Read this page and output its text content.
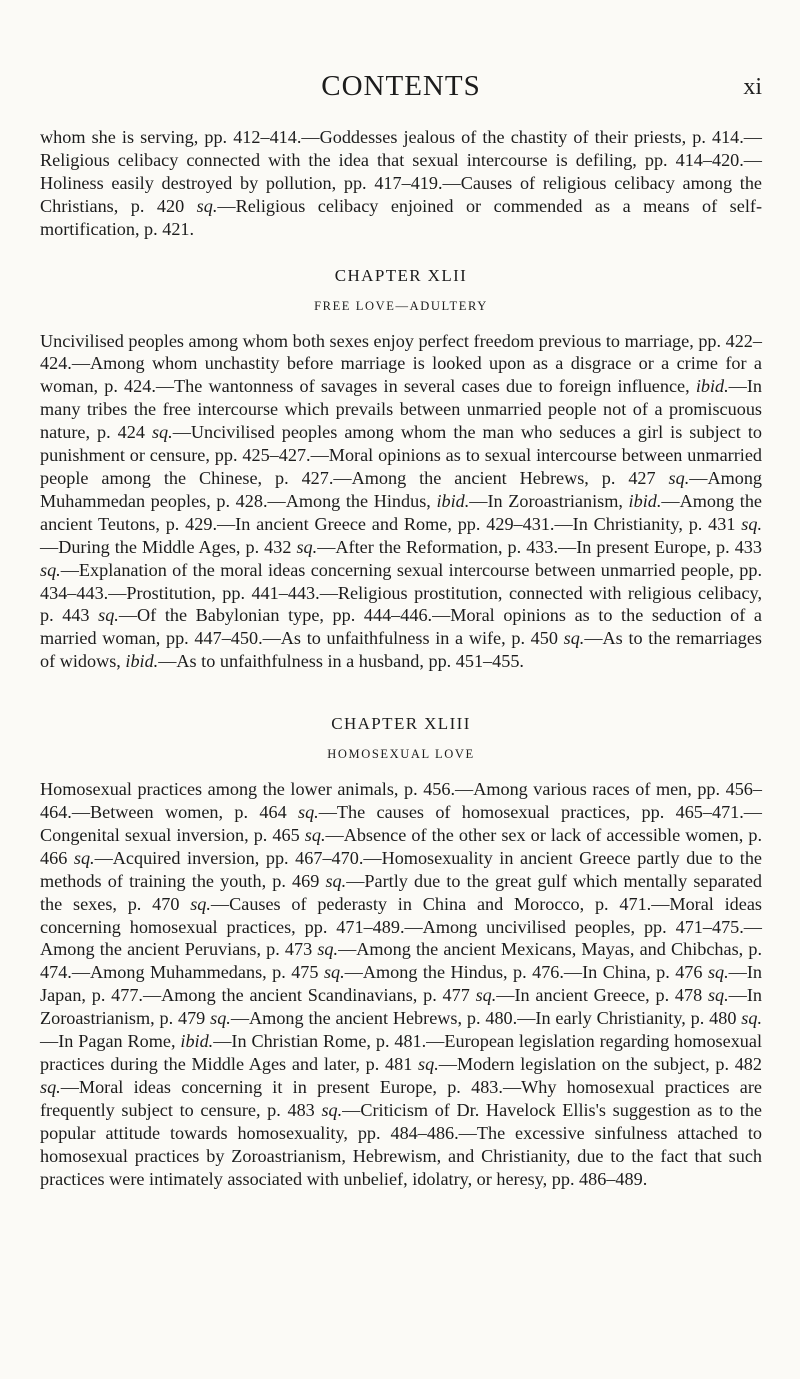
CONTENTS	xi

whom she is serving, pp. 412–414.—Goddesses jealous of the chastity of their priests, p. 414.—Religious celibacy connected with the idea that sexual intercourse is defiling, pp. 414–420.—Holiness easily destroyed by pollution, pp. 417–419.—Causes of religious celibacy among the Christians, p. 420 sq.—Religious celibacy enjoined or commended as a means of self-mortification, p. 421.

CHAPTER XLII
FREE LOVE—ADULTERY

Uncivilised peoples among whom both sexes enjoy perfect freedom previous to marriage, pp. 422–424.—Among whom unchastity before marriage is looked upon as a disgrace or a crime for a woman, p. 424.—The wantonness of savages in several cases due to foreign influence, ibid.—In many tribes the free intercourse which prevails between unmarried people not of a promiscuous nature, p. 424 sq.—Uncivilised peoples among whom the man who seduces a girl is subject to punishment or censure, pp. 425–427.—Moral opinions as to sexual intercourse between unmarried people among the Chinese, p. 427.—Among the ancient Hebrews, p. 427 sq.—Among Muhammedan peoples, p. 428.—Among the Hindus, ibid.—In Zoroastrianism, ibid.—Among the ancient Teutons, p. 429.—In ancient Greece and Rome, pp. 429–431.—In Christianity, p. 431 sq.—During the Middle Ages, p. 432 sq.—After the Reformation, p. 433.—In present Europe, p. 433 sq.—Explanation of the moral ideas concerning sexual intercourse between unmarried people, pp. 434–443.—Prostitution, pp. 441–443.—Religious prostitution, connected with religious celibacy, p. 443 sq.—Of the Babylonian type, pp. 444–446.—Moral opinions as to the seduction of a married woman, pp. 447–450.—As to unfaithfulness in a wife, p. 450 sq.—As to the remarriages of widows, ibid.—As to unfaithfulness in a husband, pp. 451–455.

CHAPTER XLIII
HOMOSEXUAL LOVE

Homosexual practices among the lower animals, p. 456.—Among various races of men, pp. 456–464.—Between women, p. 464 sq.—The causes of homosexual practices, pp. 465–471.—Congenital sexual inversion, p. 465 sq.—Absence of the other sex or lack of accessible women, p. 466 sq.—Acquired inversion, pp. 467–470.—Homosexuality in ancient Greece partly due to the methods of training the youth, p. 469 sq.—Partly due to the great gulf which mentally separated the sexes, p. 470 sq.—Causes of pederasty in China and Morocco, p. 471.—Moral ideas concerning homosexual practices, pp. 471–489.—Among uncivilised peoples, pp. 471–475.—Among the ancient Peruvians, p. 473 sq.—Among the ancient Mexicans, Mayas, and Chibchas, p. 474.—Among Muhammedans, p. 475 sq.—Among the Hindus, p. 476.—In China, p. 476 sq.—In Japan, p. 477.—Among the ancient Scandinavians, p. 477 sq.—In ancient Greece, p. 478 sq.—In Zoroastrianism, p. 479 sq.—Among the ancient Hebrews, p. 480.—In early Christianity, p. 480 sq.—In Pagan Rome, ibid.—In Christian Rome, p. 481.—European legislation regarding homosexual practices during the Middle Ages and later, p. 481 sq.—Modern legislation on the subject, p. 482 sq.—Moral ideas concerning it in present Europe, p. 483.—Why homosexual practices are frequently subject to censure, p. 483 sq.—Criticism of Dr. Havelock Ellis's suggestion as to the popular attitude towards homosexuality, pp. 484–486.—The excessive sinfulness attached to homosexual practices by Zoroastrianism, Hebrewism, and Christianity, due to the fact that such practices were intimately associated with unbelief, idolatry, or heresy, pp. 486–489.
